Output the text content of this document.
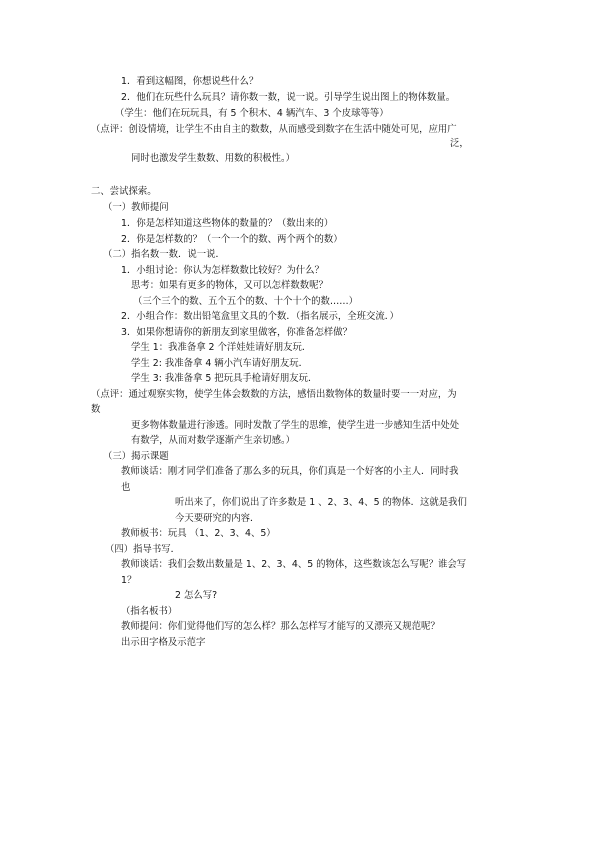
1．看到这幅图，你想说些什么？

2．他们在玩些什么玩具？请你数一数，说一说。引导学生说出图上的物体数量。

（学生：他们在玩玩具，有 5 个积木、4 辆汽车、3 个皮球等等）

（点评：创设情境，让学生不由自主的数数，从而感受到数字在生活中随处可见，应用广

泛，

同时也激发学生数数、用数的积极性。）

二、尝试探索。

（一）教师提问

1．你是怎样知道这些物体的数量的？（数出来的）

2．你是怎样数的？（一个一个的数、两个两个的数）

（二）指名数一数．说一说．

1．小组讨论：你认为怎样数数比较好？为什么？

思考：如果有更多的物体，又可以怎样数数呢？

（三个三个的数、五个五个的数、十个十个的数……）

2．小组合作：数出铅笔盒里文具的个数．（指名展示，全班交流．）

3．如果你想请你的新朋友到家里做客，你准备怎样做？

学生 1：我准备拿 2 个洋娃娃请好朋友玩．

学生 2: 我准备拿 4 辆小汽车请好朋友玩．

学生 3: 我准备拿 5 把玩具手枪请好朋友玩．

（点评：通过观察实物，使学生体会数数的方法，感悟出数物体的数量时要一一对应，为

数

更多物体数量进行渗透。同时发散了学生的思维，使学生进一步感知生活中处处

有数学，从而对数学逐渐产生亲切感。）

（三）揭示课题

教师谈话：刚才同学们准备了那么多的玩具，你们真是一个好客的小主人．同时我

也

听出来了，你们说出了许多数是 1 、2、3、4、5 的物体．这就是我们

今天要研究的内容．

教师板书：玩具 （1、2、3、4、5）

（四）指导书写．

教师谈话：我们会数出数量是 1、2、3、4、5 的物体，这些数该怎么写呢？谁会写

1？

2 怎么写?

（指名板书）

教师提问：你们觉得他们写的怎么样？那么怎样写才能写的又漂亮又规范呢？

出示田字格及示范字
